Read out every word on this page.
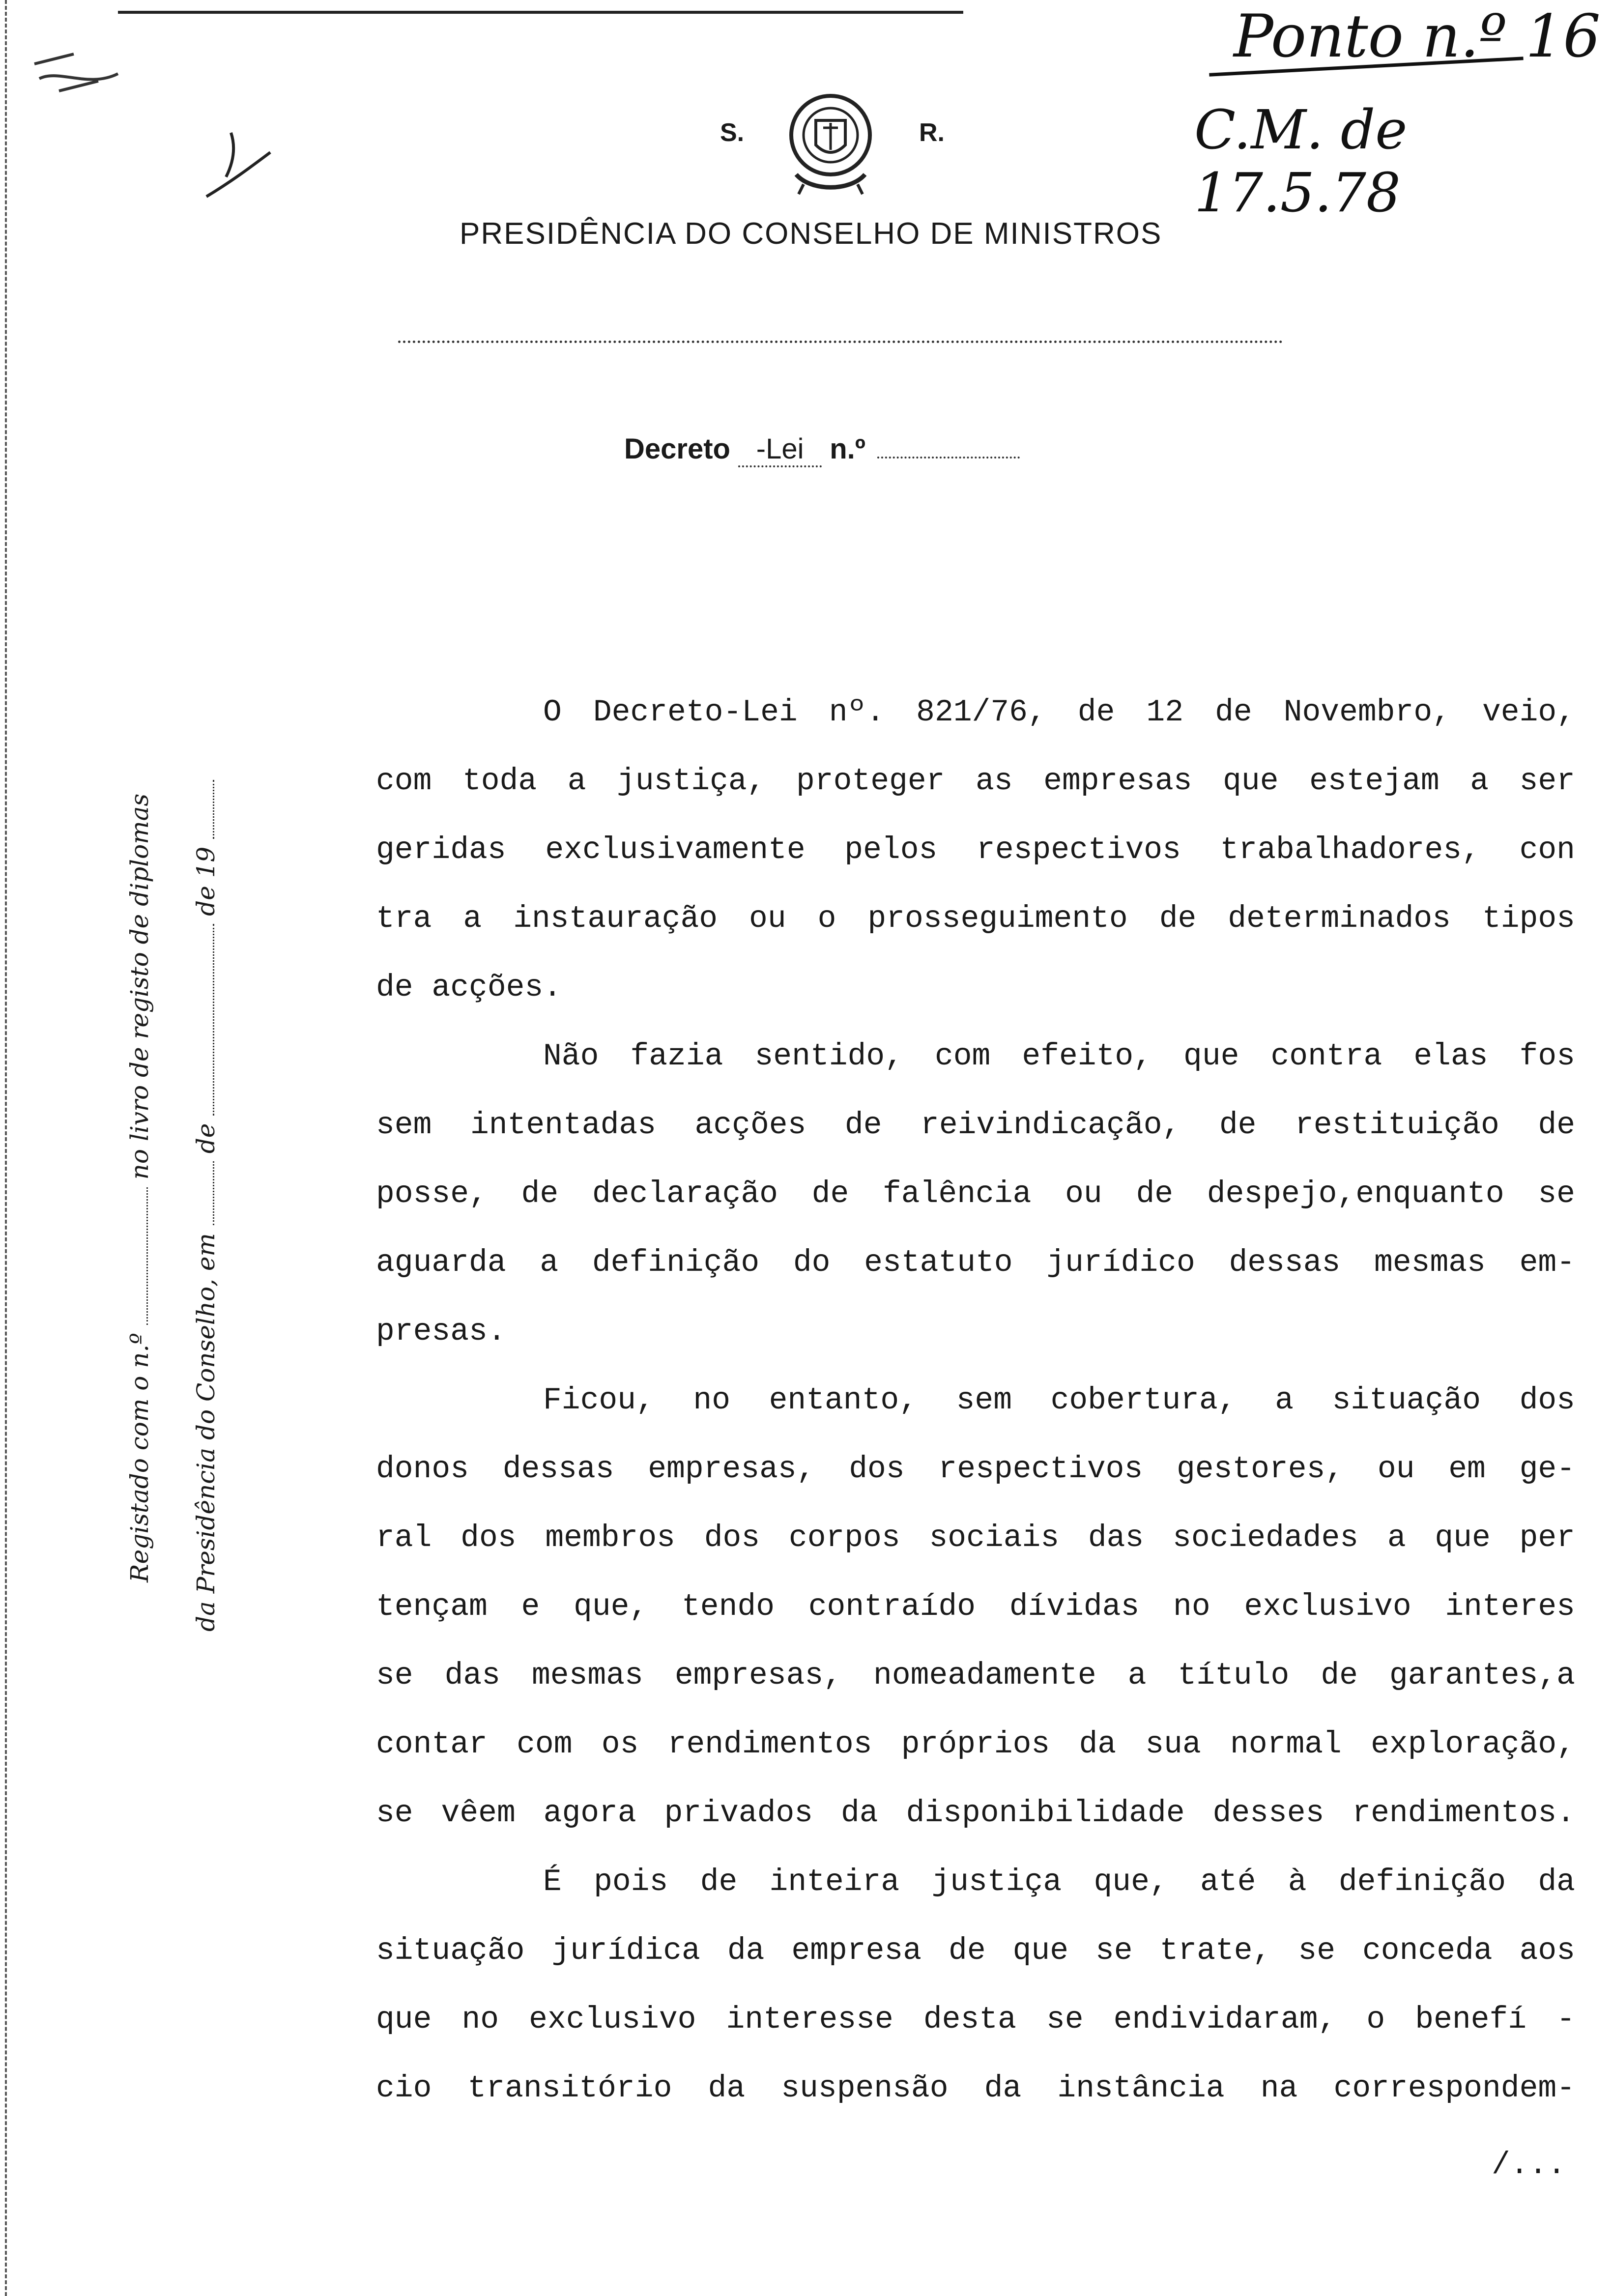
Ponto n.º 16
C.M. de 17.5.78
S.	R.
PRESIDÊNCIA DO CONSELHO DE MINISTROS
Decreto -Lei n.º
Registado com o n.º  no livro de registo de diplomas
da Presidência do Conselho, em  de  de 19

O Decreto-Lei nº. 821/76, de 12 de Novembro, veio,
com toda a justiça, proteger as empresas que estejam a ser
geridas exclusivamente pelos respectivos trabalhadores, con
tra a instauração ou o prosseguimento de determinados tipos
de acções.

Não fazia sentido, com efeito, que contra elas fos
sem intentadas acções de reivindicação, de restituição de
posse, de declaração de falência ou de despejo,enquanto se
aguarda a definição do estatuto jurídico dessas mesmas em-
presas.

Ficou, no entanto, sem cobertura, a situação dos
donos dessas empresas, dos respectivos gestores, ou em ge-
ral dos membros dos corpos sociais das sociedades a que per
tençam e que, tendo contraído dívidas no exclusivo interes
se das mesmas empresas, nomeadamente a título de garantes,a
contar com os rendimentos próprios da sua normal exploração,
se vêem agora privados da disponibilidade desses rendimentos.

É pois de inteira justiça que, até à definição da
situação jurídica da empresa de que se trate, se conceda aos
que no exclusivo interesse desta se endividaram, o benefí -
cio transitório da suspensão da instância na correspondem-

/...
